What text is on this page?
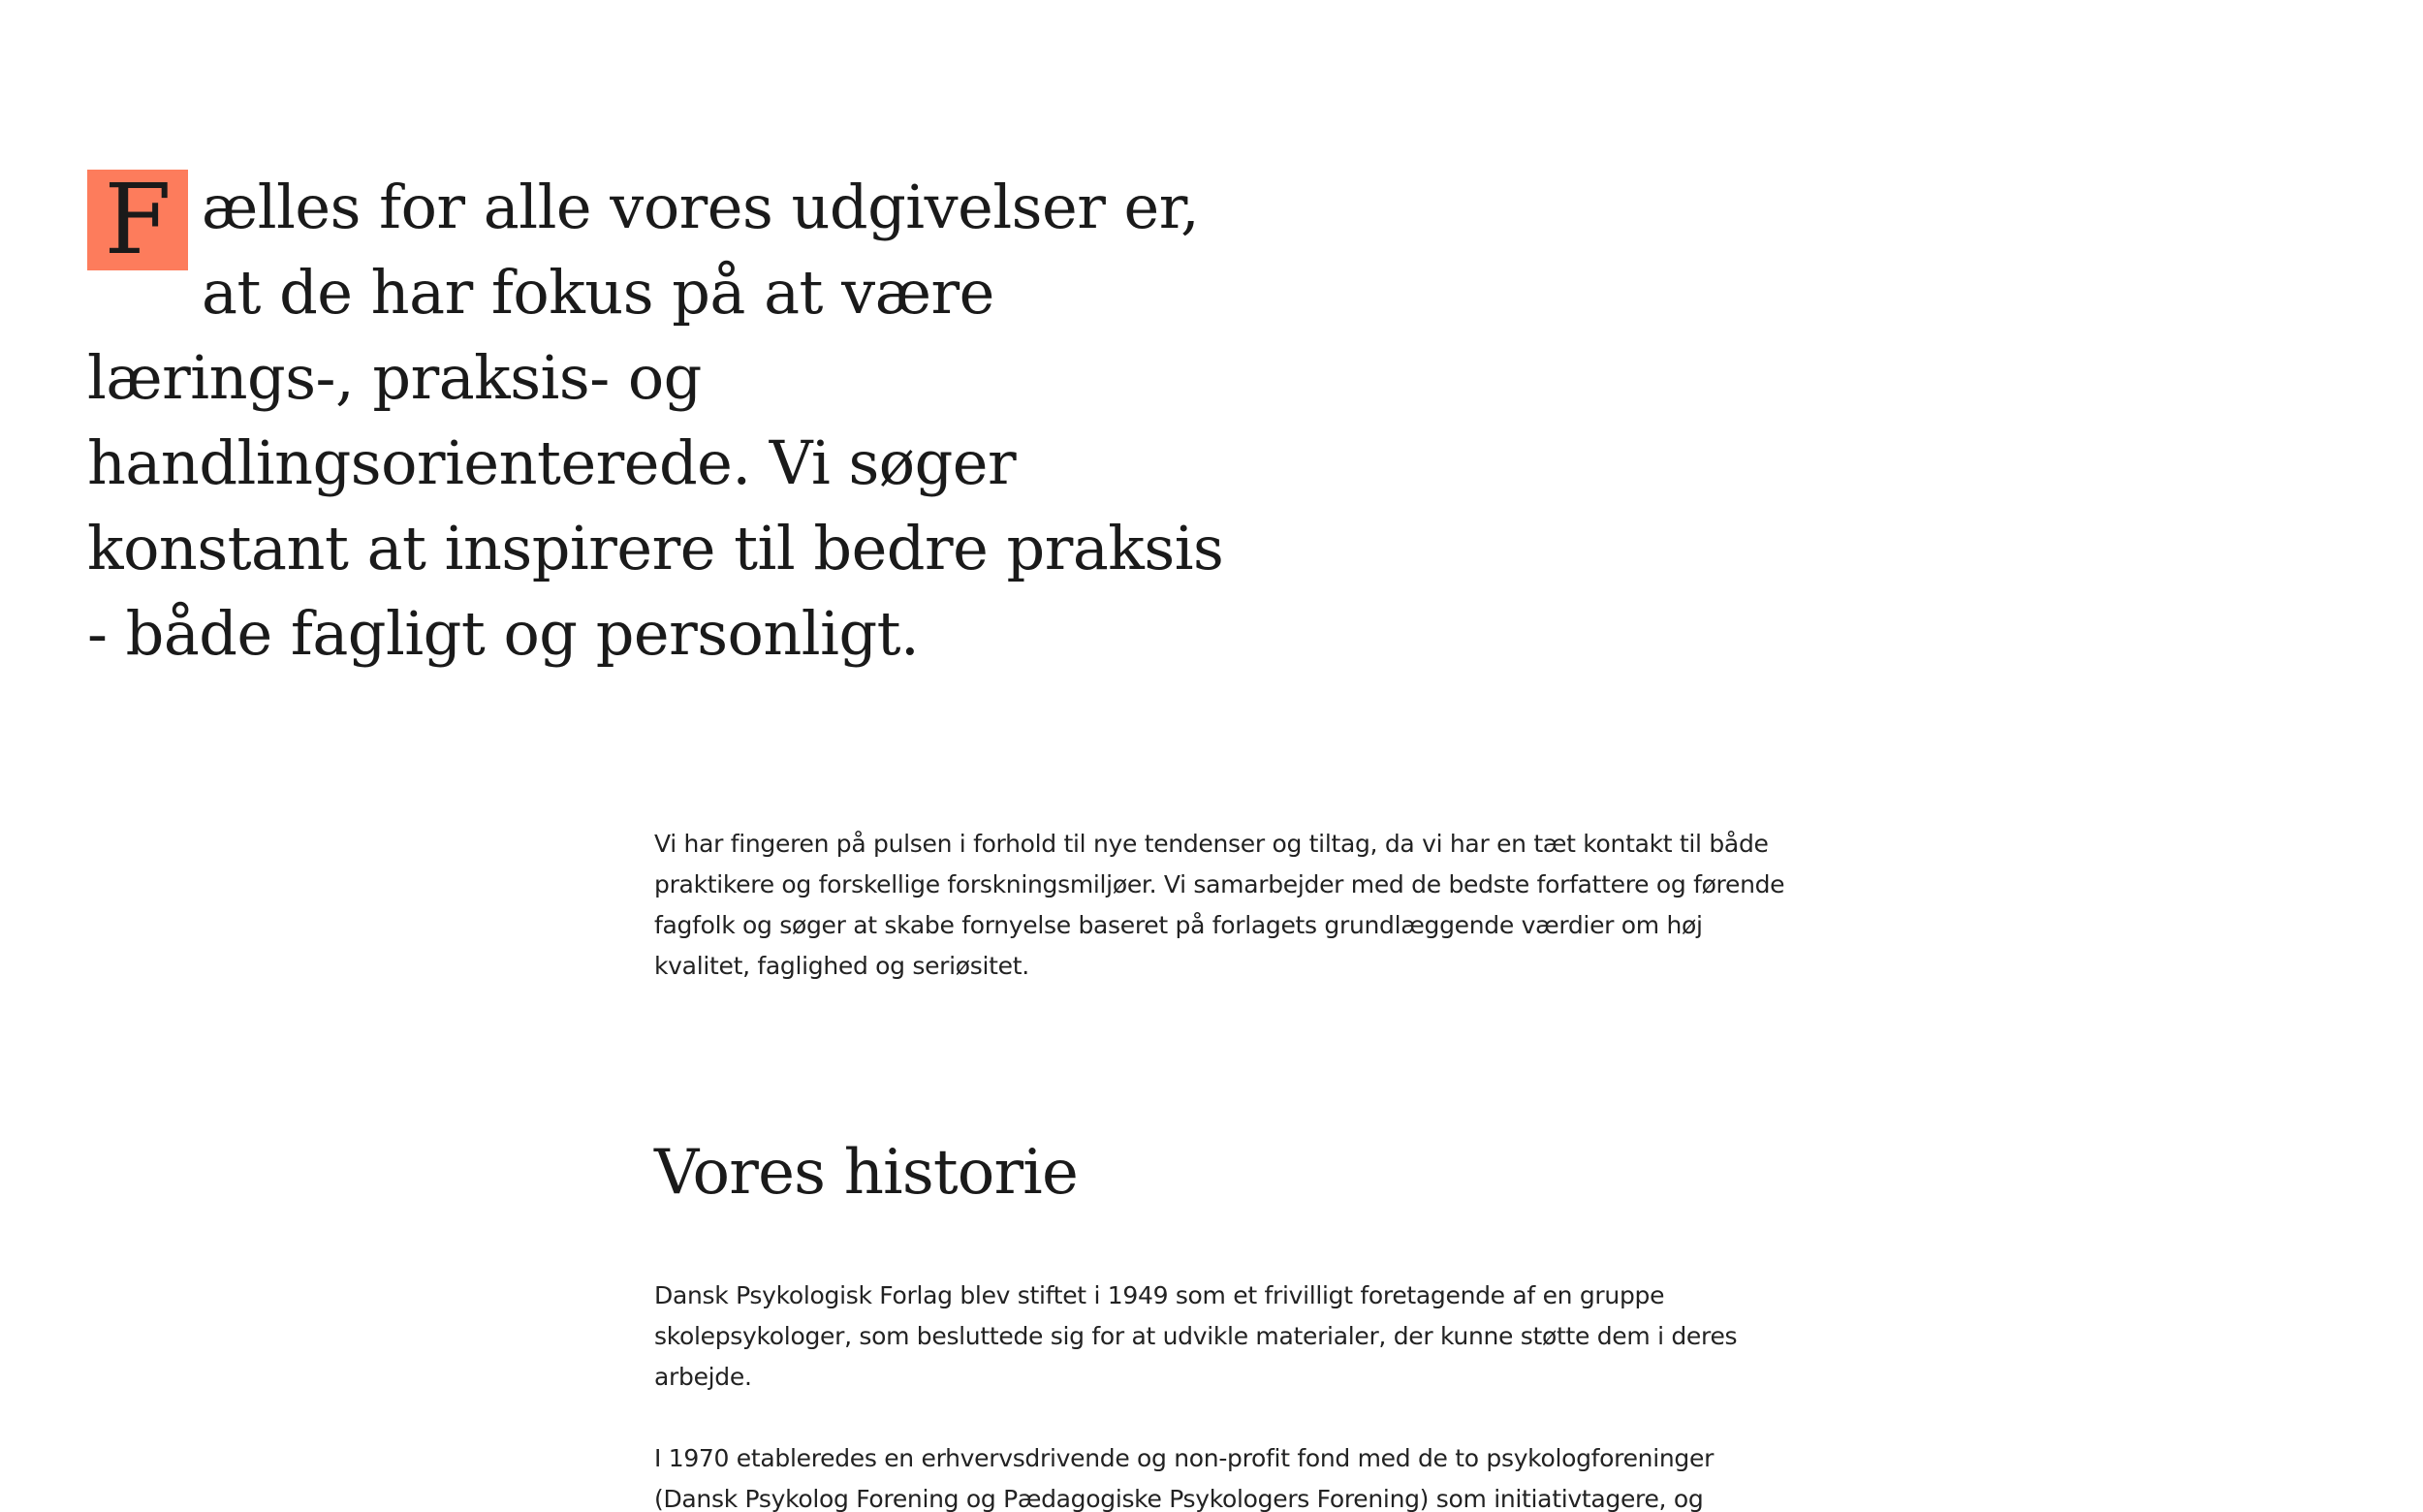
F ælles for alle vores udgivelser er, at de har fokus på at være lærings-, praksis- og handlingsorienterede. Vi søger konstant at inspirere til bedre praksis - både fagligt og personligt.

Vi har fingeren på pulsen i forhold til nye tendenser og tiltag, da vi har en tæt kontakt til både praktikere og forskellige forskningsmiljøer. Vi samarbejder med de bedste forfattere og førende fagfolk og søger at skabe fornyelse baseret på forlagets grundlæggende værdier om høj kvalitet, faglighed og seriøsitet.

Vores historie

Dansk Psykologisk Forlag blev stiftet i 1949 som et frivilligt foretagende af en gruppe skolepsykologer, som besluttede sig for at udvikle materialer, der kunne støtte dem i deres arbejde.

I 1970 etableredes en erhvervsdrivende og non-profit fond med de to psykologforeninger (Dansk Psykolog Forening og Pædagogiske Psykologers Forening) som initiativtagere, og
